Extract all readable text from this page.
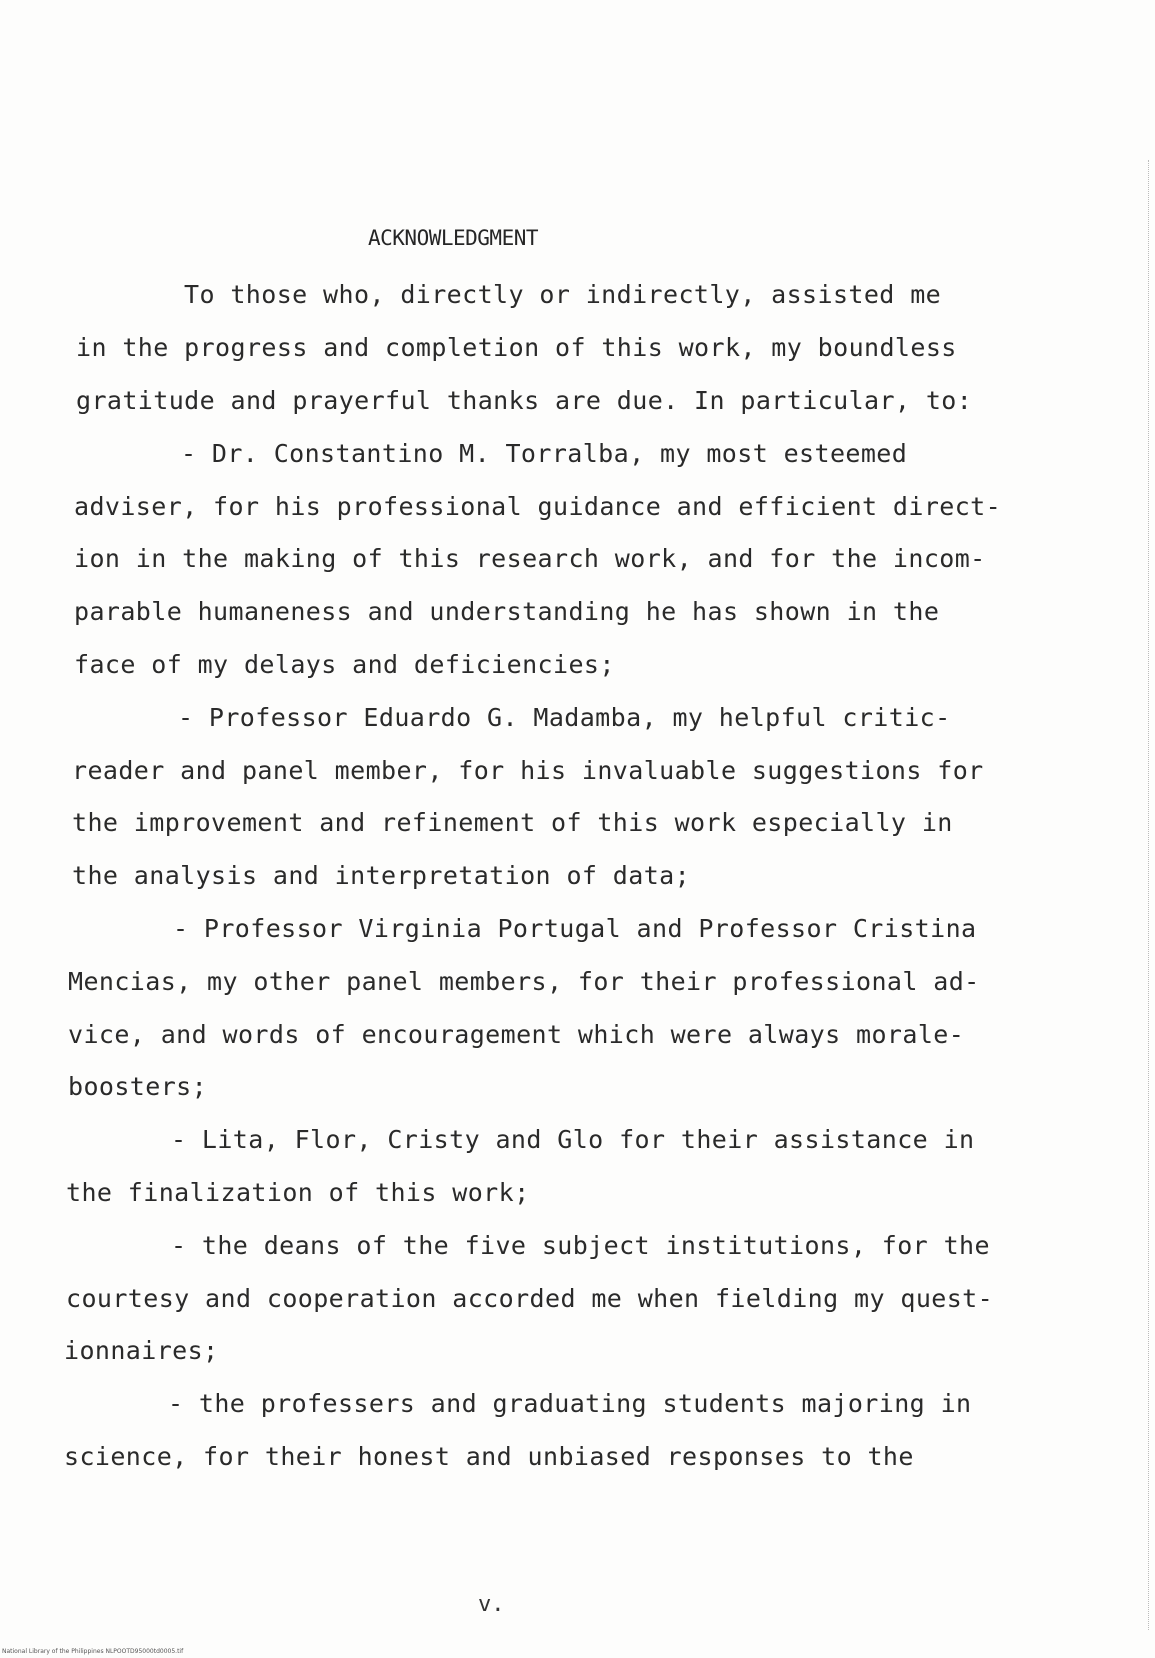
ACKNOWLEDGMENT
To those who, directly or indirectly, assisted me
in the progress and completion of this work, my boundless
gratitude and prayerful thanks are due. In particular, to:
- Dr. Constantino M. Torralba, my most esteemed
adviser, for his professional guidance and efficient direct-
ion in the making of this research work, and for the incom-
parable humaneness and understanding he has shown in the
face of my delays and deficiencies;
- Professor Eduardo G. Madamba, my helpful critic-
reader and panel member, for his invaluable suggestions for
the improvement and refinement of this work especially in
the analysis and interpretation of data;
- Professor Virginia Portugal and Professor Cristina
Mencias, my other panel members, for their professional ad-
vice, and words of encouragement which were always morale-
boosters;
- Lita, Flor, Cristy and Glo for their assistance in
the finalization of this work;
- the deans of the five subject institutions, for the
courtesy and cooperation accorded me when fielding my quest-
ionnaires;
- the professers and graduating students majoring in
science, for their honest and unbiased responses to the
v.
National Library of the Philippines NLPOOTD95000td0005.tif
